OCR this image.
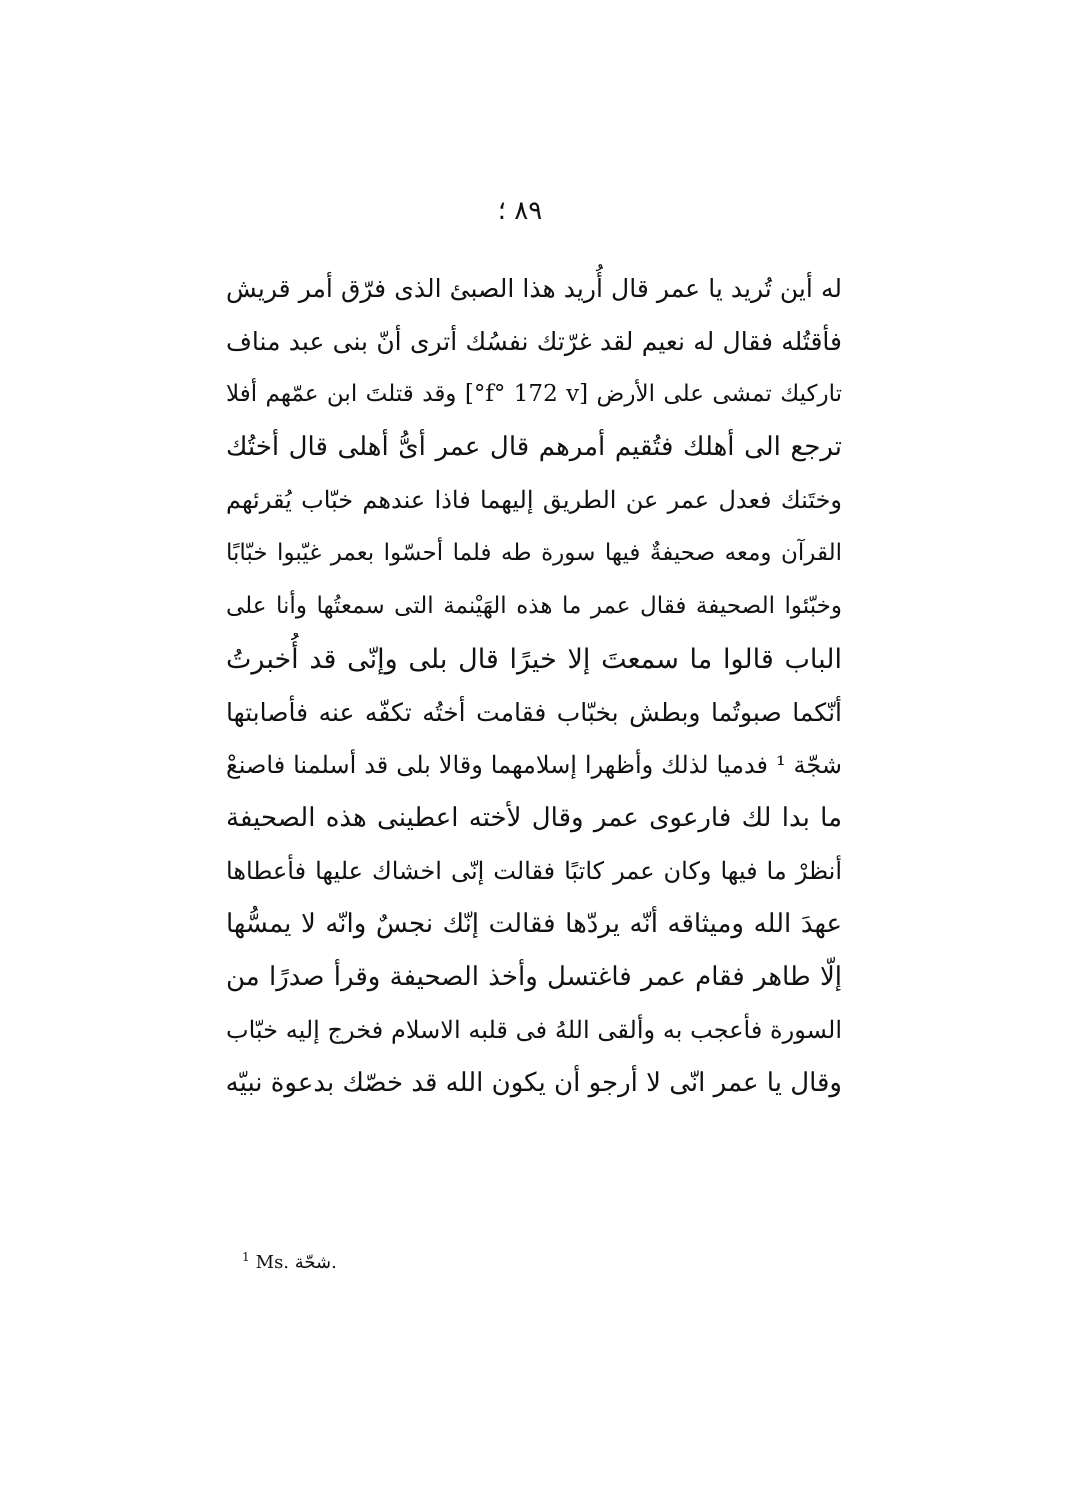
٨٩ ؛
له أين تُريد يا عمر قال أُريد هذا الصبئ الذى فرّق أمر قريش
فأقتُله فقال له نعيم لقد غرّتك نفسُك أترى أنّ بنى عبد مناف
تاركيك تمشى على الأرض [f° 172 v°] وقد قتلتَ ابن عمّهم أفلا
ترجع الى أهلك فتُقيم أمرهم قال عمر أىُّ أهلى قال أختُك
وختَنك فعدل عمر عن الطريق إليهما فاذا عندهم خبّاب يُقرئهم
القرآن ومعه صحيفةٌ فيها سورة طه فلما أحسّوا بعمر غيّبوا خبّابًا
وخبّئوا الصحيفة فقال عمر ما هذه الهَيْنمة التى سمعتُها وأنا على
الباب قالوا ما سمعتَ إلا خيرًا قال بلى وإنّى قد أُخبرتُ
أنّكما صبوتُما وبطش بخبّاب فقامت أختُه تكفّه عنه فأصابتها
شجّة ¹ فدميا لذلك وأظهرا إسلامهما وقالا بلى قد أسلمنا فاصنعْ
ما بدا لك فارعوى عمر وقال لأخته اعطينى هذه الصحيفة
أنظرْ ما فيها وكان عمر كاتبًا فقالت إنّى اخشاك عليها فأعطاها
عهدَ الله وميثاقه أنّه يردّها فقالت إنّك نجسٌ وانّه لا يمسُّها
إلّا طاهر فقام عمر فاغتسل وأخذ الصحيفة وقرأ صدرًا من
السورة فأعجب به وألقى اللهُ فى قلبه الاسلام فخرج إليه خبّاب
وقال يا عمر انّى لا أرجو أن يكون الله قد خصّك بدعوة نبيّه
$^1$ Ms. شحّة.
